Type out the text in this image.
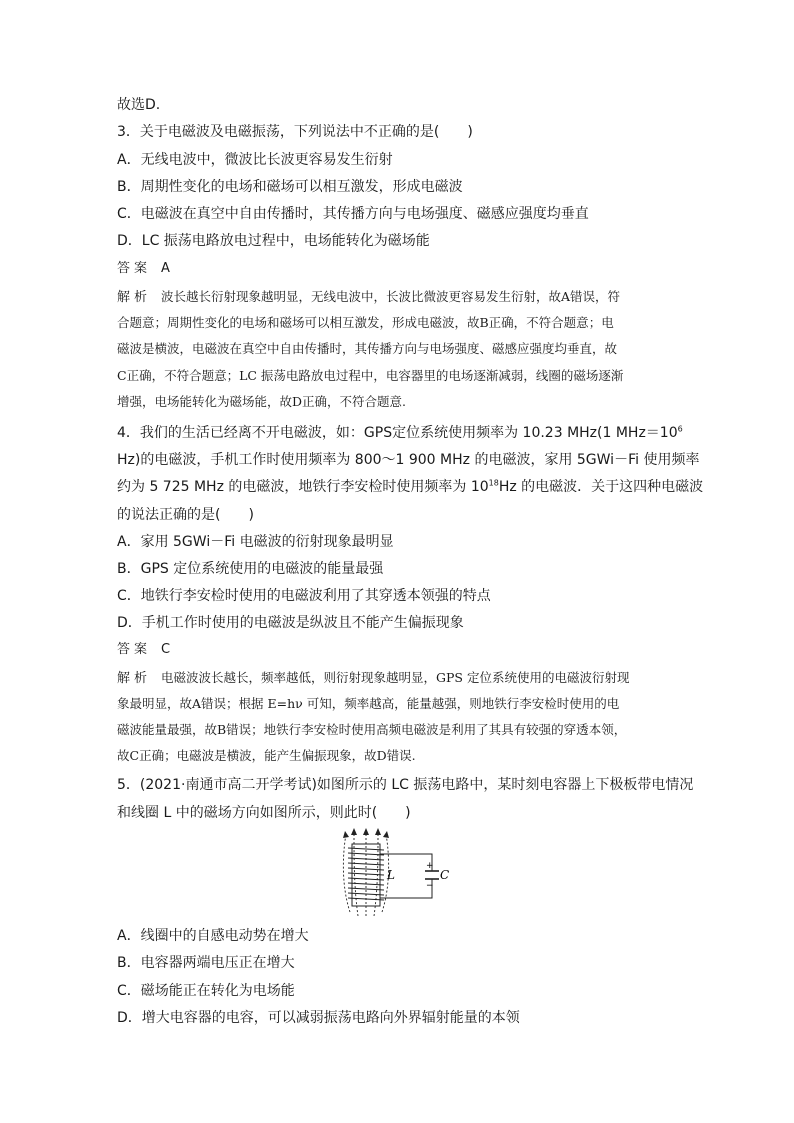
故选D.
3．关于电磁波及电磁振荡，下列说法中不正确的是(　　)
A．无线电波中，微波比长波更容易发生衍射
B．周期性变化的电场和磁场可以相互激发，形成电磁波
C．电磁波在真空中自由传播时，其传播方向与电场强度、磁感应强度均垂直
D．LC 振荡电路放电过程中，电场能转化为磁场能
答案 A
解析 波长越长衍射现象越明显，无线电波中，长波比微波更容易发生衍射，故A错误，符
合题意；周期性变化的电场和磁场可以相互激发，形成电磁波，故B正确，不符合题意；电
磁波是横波，电磁波在真空中自由传播时，其传播方向与电场强度、磁感应强度均垂直，故
C正确，不符合题意；LC 振荡电路放电过程中，电容器里的电场逐渐减弱，线圈的磁场逐渐
增强，电场能转化为磁场能，故D正确，不符合题意.
4．我们的生活已经离不开电磁波，如：GPS定位系统使用频率为 10.23 MHz(1 $MHz=10^6$
Hz)的电磁波，手机工作时使用频率为 800～1 900 MHz 的电磁波，家用 5GWi－Fi 使用频率
约为 5 725 MHz 的电磁波，地铁行李安检时使用频率为 $10^{18}Hz$ 的电磁波．关于这四种电磁波
的说法正确的是(　　)
A．家用 5GWi－Fi 电磁波的衍射现象最明显
B．GPS 定位系统使用的电磁波的能量最强
C．地铁行李安检时使用的电磁波利用了其穿透本领强的特点
D．手机工作时使用的电磁波是纵波且不能产生偏振现象
答案 C
解析 电磁波波长越长，频率越低，则衍射现象越明显，GPS 定位系统使用的电磁波衍射现
象最明显，故A错误；根据 E=hν 可知，频率越高，能量越强，则地铁行李安检时使用的电
磁波能量最强，故B错误；地铁行李安检时使用高频电磁波是利用了其具有较强的穿透本领，
故C正确；电磁波是横波，能产生偏振现象，故D错误.
5．(2021·南通市高二开学考试)如图所示的 LC 振荡电路中，某时刻电容器上下极板带电情况
和线圈 L 中的磁场方向如图所示，则此时(　　)
+
−
C
L
A．线圈中的自感电动势在增大
B．电容器两端电压正在增大
C．磁场能正在转化为电场能
D．增大电容器的电容，可以减弱振荡电路向外界辐射能量的本领
